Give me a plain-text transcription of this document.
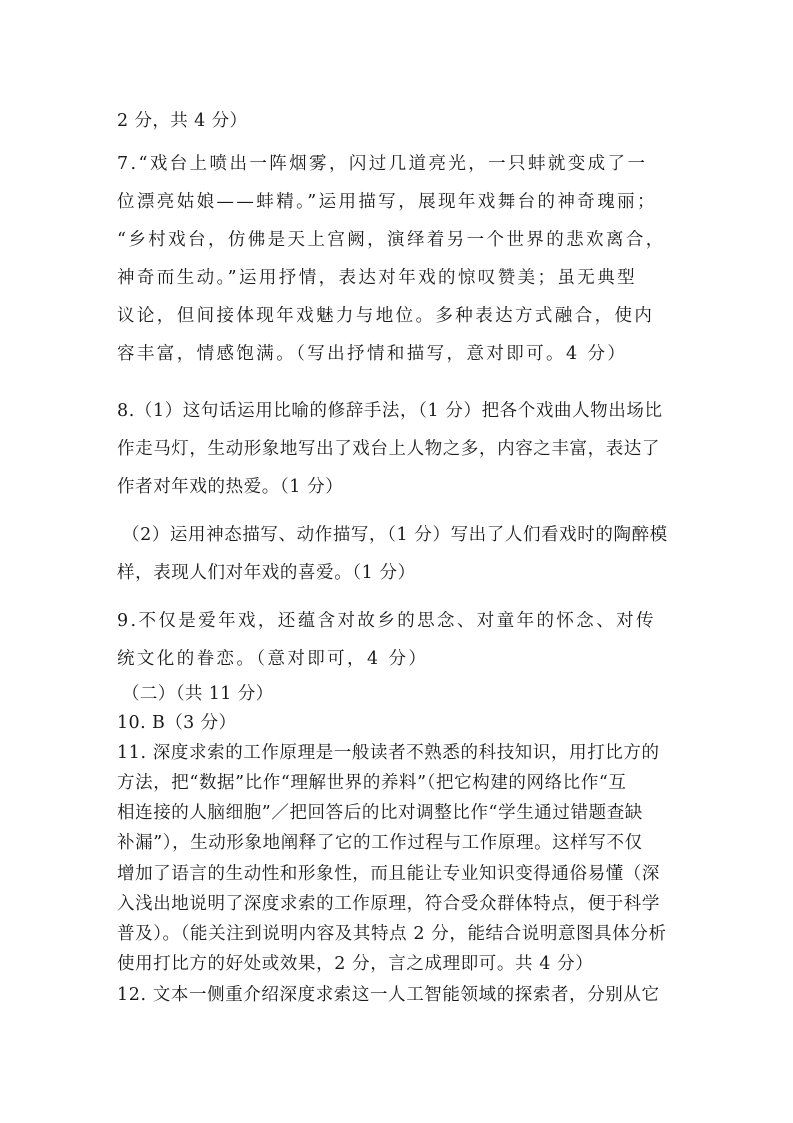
2 分，共 4 分）
7.“戏台上喷出一阵烟雾，闪过几道亮光，一只蚌就变成了一
位漂亮姑娘——蚌精。”运用描写，展现年戏舞台的神奇瑰丽；
“乡村戏台，仿佛是天上宫阙，演绎着另一个世界的悲欢离合，
神奇而生动。”运用抒情，表达对年戏的惊叹赞美；虽无典型
议论，但间接体现年戏魅力与地位。多种表达方式融合，使内
容丰富，情感饱满。（写出抒情和描写，意对即可。4 分）
8.（1）这句话运用比喻的修辞手法，（1 分）把各个戏曲人物出场比
作走马灯，生动形象地写出了戏台上人物之多，内容之丰富，表达了
作者对年戏的热爱。（1 分）
（2）运用神态描写、动作描写，（1 分）写出了人们看戏时的陶醉模
样，表现人们对年戏的喜爱。（1 分）
9.不仅是爱年戏，还蕴含对故乡的思念、对童年的怀念、对传
统文化的眷恋。（意对即可，4 分）
（二）（共 11 分）
10. B（3 分）
11. 深度求索的工作原理是一般读者不熟悉的科技知识，用打比方的
方法，把“数据”比作“理解世界的养料”（把它构建的网络比作“互
相连接的人脑细胞”／把回答后的比对调整比作“学生通过错题查缺
补漏”），生动形象地阐释了它的工作过程与工作原理。这样写不仅
增加了语言的生动性和形象性，而且能让专业知识变得通俗易懂（深
入浅出地说明了深度求索的工作原理，符合受众群体特点，便于科学
普及）。（能关注到说明内容及其特点 2 分，能结合说明意图具体分析
使用打比方的好处或效果，2 分，言之成理即可。共 4 分）
12. 文本一侧重介绍深度求索这一人工智能领域的探索者，分别从它
